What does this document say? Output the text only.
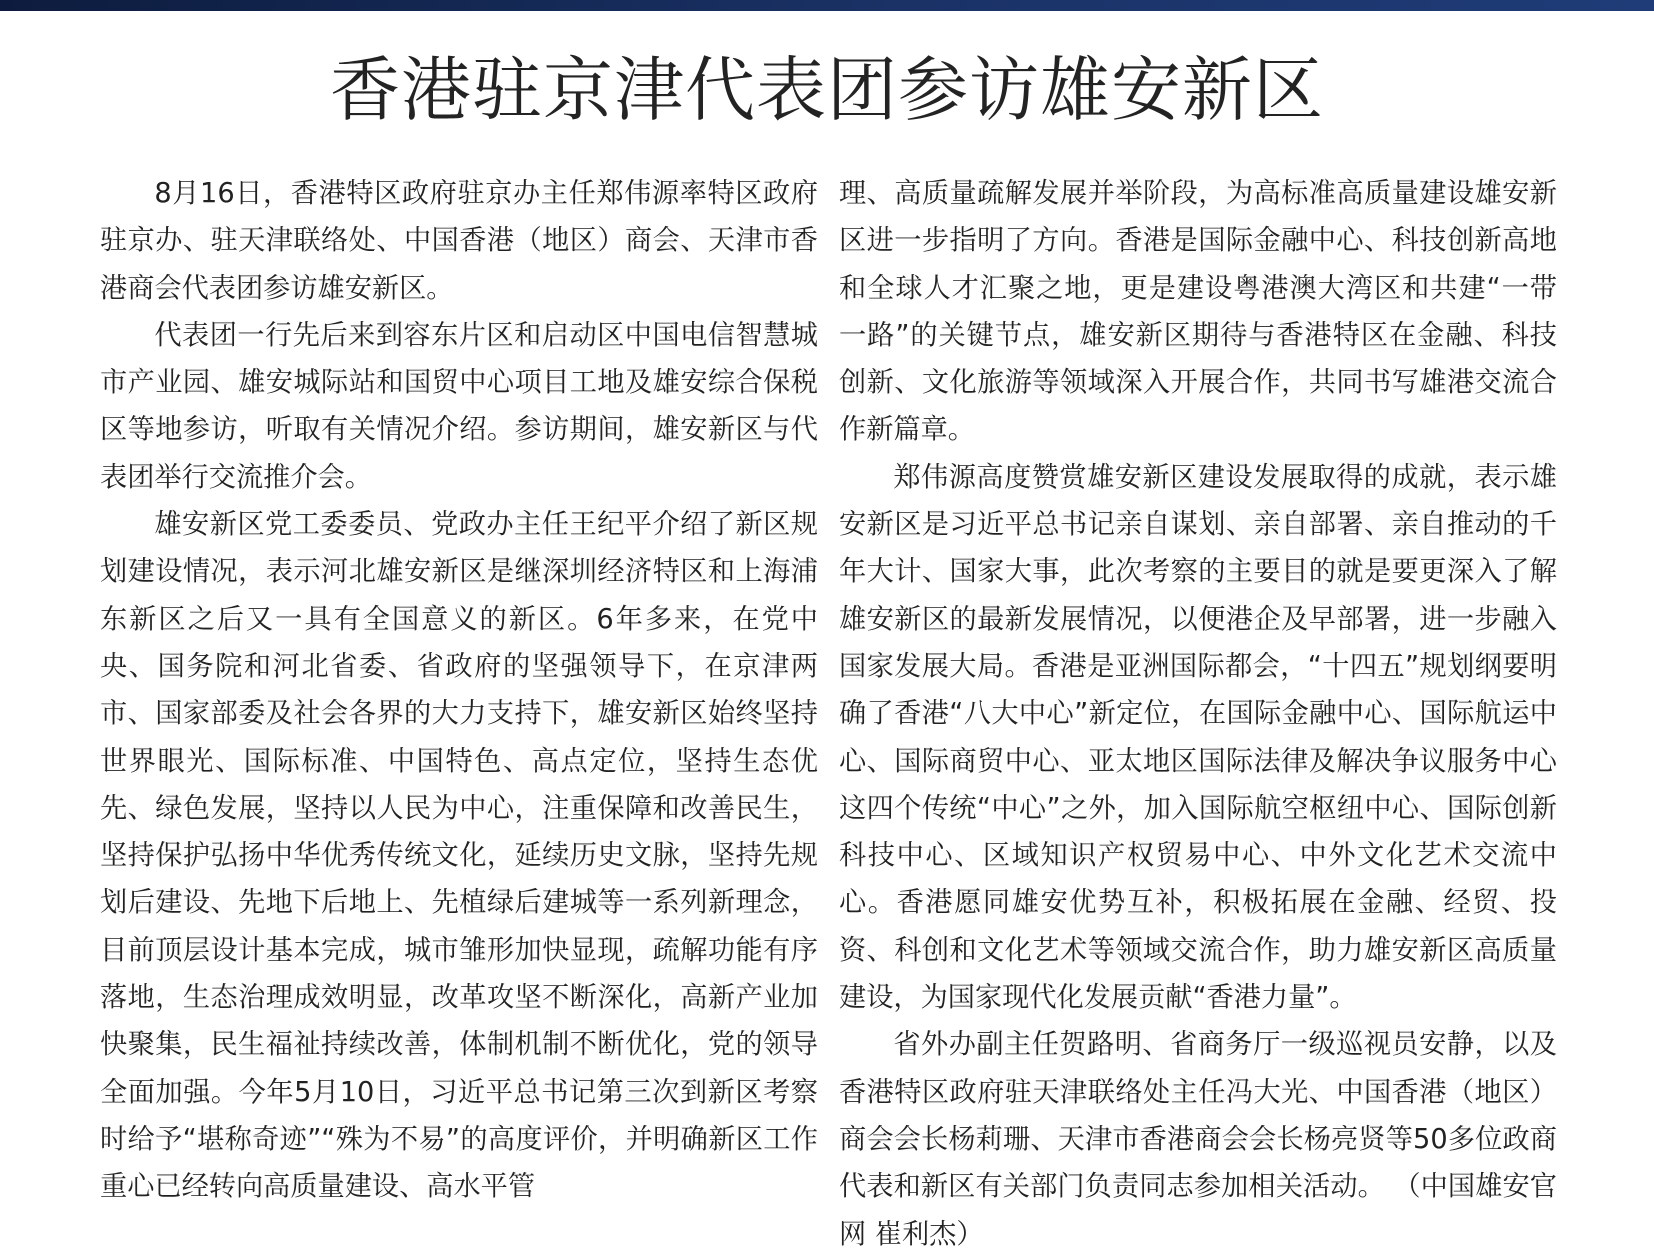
香港驻京津代表团参访雄安新区

8月16日，香港特区政府驻京办主任郑伟源率特区政府驻京办、驻天津联络处、中国香港（地区）商会、天津市香港商会代表团参访雄安新区。

代表团一行先后来到容东片区和启动区中国电信智慧城市产业园、雄安城际站和国贸中心项目工地及雄安综合保税区等地参访，听取有关情况介绍。参访期间，雄安新区与代表团举行交流推介会。

雄安新区党工委委员、党政办主任王纪平介绍了新区规划建设情况，表示河北雄安新区是继深圳经济特区和上海浦东新区之后又一具有全国意义的新区。6年多来，在党中央、国务院和河北省委、省政府的坚强领导下，在京津两市、国家部委及社会各界的大力支持下，雄安新区始终坚持世界眼光、国际标准、中国特色、高点定位，坚持生态优先、绿色发展，坚持以人民为中心，注重保障和改善民生，坚持保护弘扬中华优秀传统文化，延续历史文脉，坚持先规划后建设、先地下后地上、先植绿后建城等一系列新理念，目前顶层设计基本完成，城市雏形加快显现，疏解功能有序落地，生态治理成效明显，改革攻坚不断深化，高新产业加快聚集，民生福祉持续改善，体制机制不断优化，党的领导全面加强。今年5月10日，习近平总书记第三次到新区考察时给予“堪称奇迹”“殊为不易”的高度评价，并明确新区工作重心已经转向高质量建设、高水平管

理、高质量疏解发展并举阶段，为高标准高质量建设雄安新区进一步指明了方向。香港是国际金融中心、科技创新高地和全球人才汇聚之地，更是建设粤港澳大湾区和共建“一带一路”的关键节点，雄安新区期待与香港特区在金融、科技创新、文化旅游等领域深入开展合作，共同书写雄港交流合作新篇章。

郑伟源高度赞赏雄安新区建设发展取得的成就，表示雄安新区是习近平总书记亲自谋划、亲自部署、亲自推动的千年大计、国家大事，此次考察的主要目的就是要更深入了解雄安新区的最新发展情况，以便港企及早部署，进一步融入国家发展大局。香港是亚洲国际都会，“十四五”规划纲要明确了香港“八大中心”新定位，在国际金融中心、国际航运中心、国际商贸中心、亚太地区国际法律及解决争议服务中心这四个传统“中心”之外，加入国际航空枢纽中心、国际创新科技中心、区域知识产权贸易中心、中外文化艺术交流中心。香港愿同雄安优势互补，积极拓展在金融、经贸、投资、科创和文化艺术等领域交流合作，助力雄安新区高质量建设，为国家现代化发展贡献“香港力量”。

省外办副主任贺路明、省商务厅一级巡视员安静，以及香港特区政府驻天津联络处主任冯大光、中国香港（地区）商会会长杨莉珊、天津市香港商会会长杨亮贤等50多位政商代表和新区有关部门负责同志参加相关活动。 （中国雄安官网 崔利杰）
